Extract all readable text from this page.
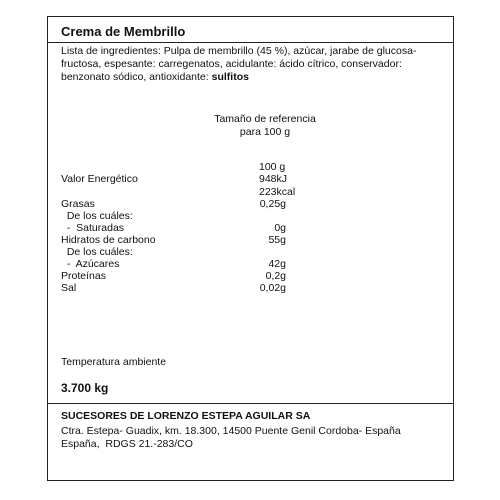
Crema de Membrillo
Lista de ingredientes: Pulpa de membrillo (45 %), azúcar, jarabe de glucosa-fructosa, espesante: carregenatos, acidulante: ácido cítrico, conservador: benzonato sódico, antioxidante: sulfitos
Tamaño de referencia
para 100 g
100 g
Valor Energético	948kJ
223kcal
Grasas	0,25g
De los cuáles:
-  Saturadas	0g
Hidratos de carbono	55g
De los cuáles:
-  Azúcares	42g
Proteínas	0,2g
Sal	0,02g
Temperatura ambiente
3.700 kg
SUCESORES DE LORENZO ESTEPA AGUILAR SA
Ctra. Estepa- Guadix, km. 18.300, 14500 Puente Genil Cordoba- España
España,  RDGS 21.-283/CO
